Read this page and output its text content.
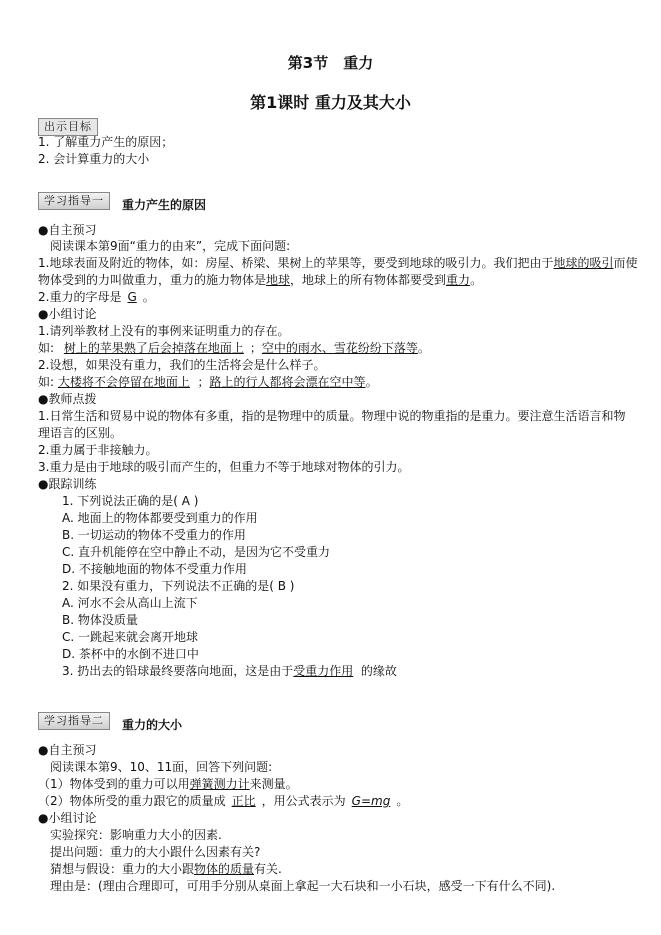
第3节　重力
第1课时 重力及其大小
出示目标
1. 了解重力产生的原因；
2. 会计算重力的大小
学习指导一	重力产生的原因
●自主预习
阅读课本第9面“重力的由来”，完成下面问题:
1.地球表面及附近的物体，如：房屋、桥梁、果树上的苹果等，要受到地球的吸引力。我们把由于地球的吸引而使
物体受到的力叫做重力，重力的施力物体是地球，地球上的所有物体都要受到重力。
2.重力的字母是 G 。
●小组讨论
1.请列举教材上没有的事例来证明重力的存在。
如: 树上的苹果熟了后会掉落在地面上 ；空中的雨水、雪花纷纷下落等。
2.设想，如果没有重力，我们的生活将会是什么样子。
如: 大楼将不会停留在地面上 ；路上的行人都将会漂在空中等。
●教师点拨
1.日常生活和贸易中说的物体有多重，指的是物理中的质量。物理中说的物重指的是重力。要注意生活语言和物理语言的区别。
2.重力属于非接触力。
3.重力是由于地球的吸引而产生的，但重力不等于地球对物体的引力。
●跟踪训练
1. 下列说法正确的是( A )
A. 地面上的物体都要受到重力的作用
B. 一切运动的物体不受重力的作用
C. 直升机能停在空中静止不动，是因为它不受重力
D. 不接触地面的物体不受重力作用
2. 如果没有重力，下列说法不正确的是( B )
A. 河水不会从高山上流下
B. 物体没质量
C. 一跳起来就会离开地球
D. 茶杯中的水倒不进口中
3. 扔出去的铅球最终要落向地面，这是由于受重力作用 的缘故
学习指导二	重力的大小
●自主预习
阅读课本第9、10、11面，回答下列问题:
（1）物体受到的重力可以用弹簧测力计来测量。
（2）物体所受的重力跟它的质量成 正比 ，用公式表示为 G=mg 。
●小组讨论
实验探究：影响重力大小的因素.
提出问题：重力的大小跟什么因素有关?
猜想与假设：重力的大小跟物体的质量有关.
理由是：(理由合理即可，可用手分别从桌面上拿起一大石块和一小石块，感受一下有什么不同).
